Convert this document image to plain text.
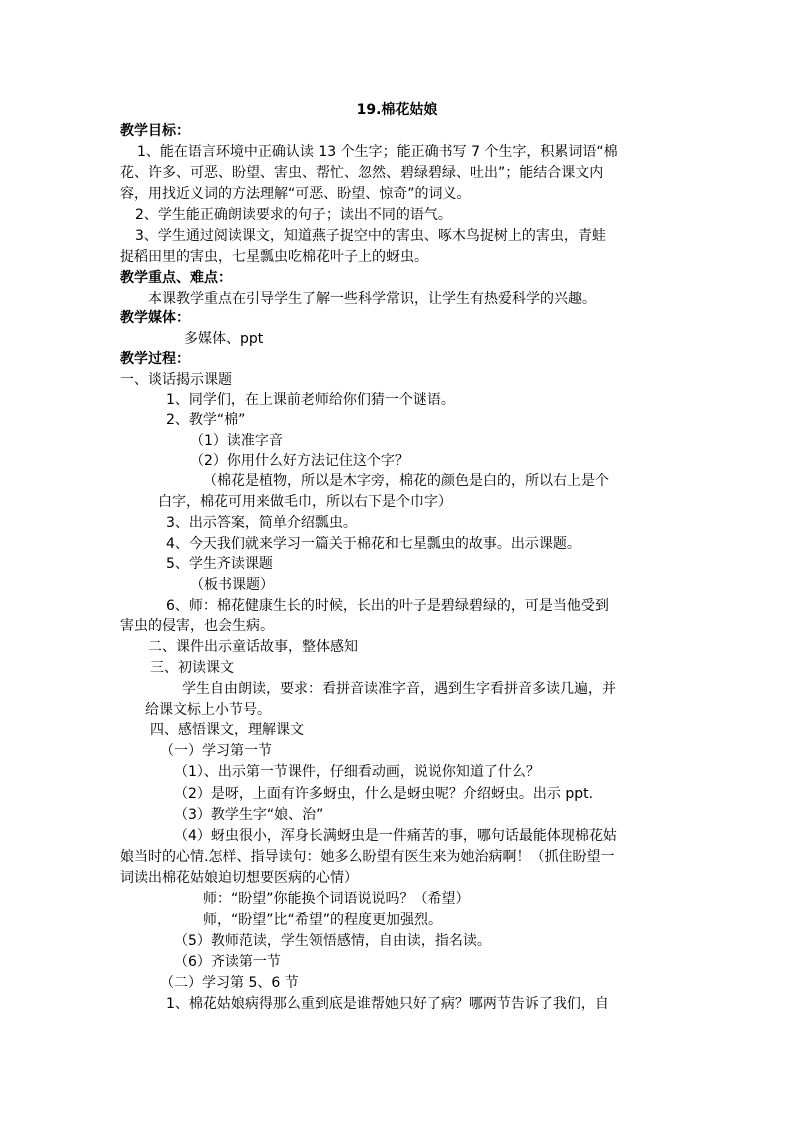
19.棉花姑娘
教学目标：
1、能在语言环境中正确认读 13 个生字；能正确书写 7 个生字，积累词语“棉
花、许多、可恶、盼望、害虫、帮忙、忽然、碧绿碧绿、吐出”；能结合课文内
容，用找近义词的方法理解“可恶、盼望、惊奇”的词义。
2、学生能正确朗读要求的句子；读出不同的语气。
3、学生通过阅读课文，知道燕子捉空中的害虫、啄木鸟捉树上的害虫，青蛙
捉稻田里的害虫，七星瓢虫吃棉花叶子上的蚜虫。
教学重点、难点：
本课教学重点在引导学生了解一些科学常识，让学生有热爱科学的兴趣。
教学媒体：
多媒体、ppt
教学过程：
一、谈话揭示课题
1、同学们，在上课前老师给你们猜一个谜语。
2、教学“棉”
（1）读准字音
（2）你用什么好方法记住这个字？
（棉花是植物，所以是木字旁，棉花的颜色是白的，所以右上是个
白字，棉花可用来做毛巾，所以右下是个巾字）
3、出示答案，简单介绍瓢虫。
4、今天我们就来学习一篇关于棉花和七星瓢虫的故事。出示课题。
5、学生齐读课题
（板书课题）
6、师：棉花健康生长的时候，长出的叶子是碧绿碧绿的，可是当他受到
害虫的侵害，也会生病。
二、课件出示童话故事，整体感知
三、初读课文
学生自由朗读，要求：看拼音读准字音，遇到生字看拼音多读几遍，并
给课文标上小节号。
四、感悟课文，理解课文
（一）学习第一节
（1）、出示第一节课件，仔细看动画，说说你知道了什么？
（2）是呀，上面有许多蚜虫，什么是蚜虫呢？介绍蚜虫。出示 ppt.
（3）教学生字“娘、治”
（4）蚜虫很小，浑身长满蚜虫是一件痛苦的事，哪句话最能体现棉花姑
娘当时的心情.怎样、指导读句：她多么盼望有医生来为她治病啊！（抓住盼望一
词读出棉花姑娘迫切想要医病的心情）
师：“盼望”你能换个词语说说吗？（希望）
师，“盼望”比“希望”的程度更加强烈。
（5）教师范读，学生领悟感情，自由读，指名读。
（6）齐读第一节
（二）学习第 5、6 节
1、棉花姑娘病得那么重到底是谁帮她只好了病？哪两节告诉了我们，自
